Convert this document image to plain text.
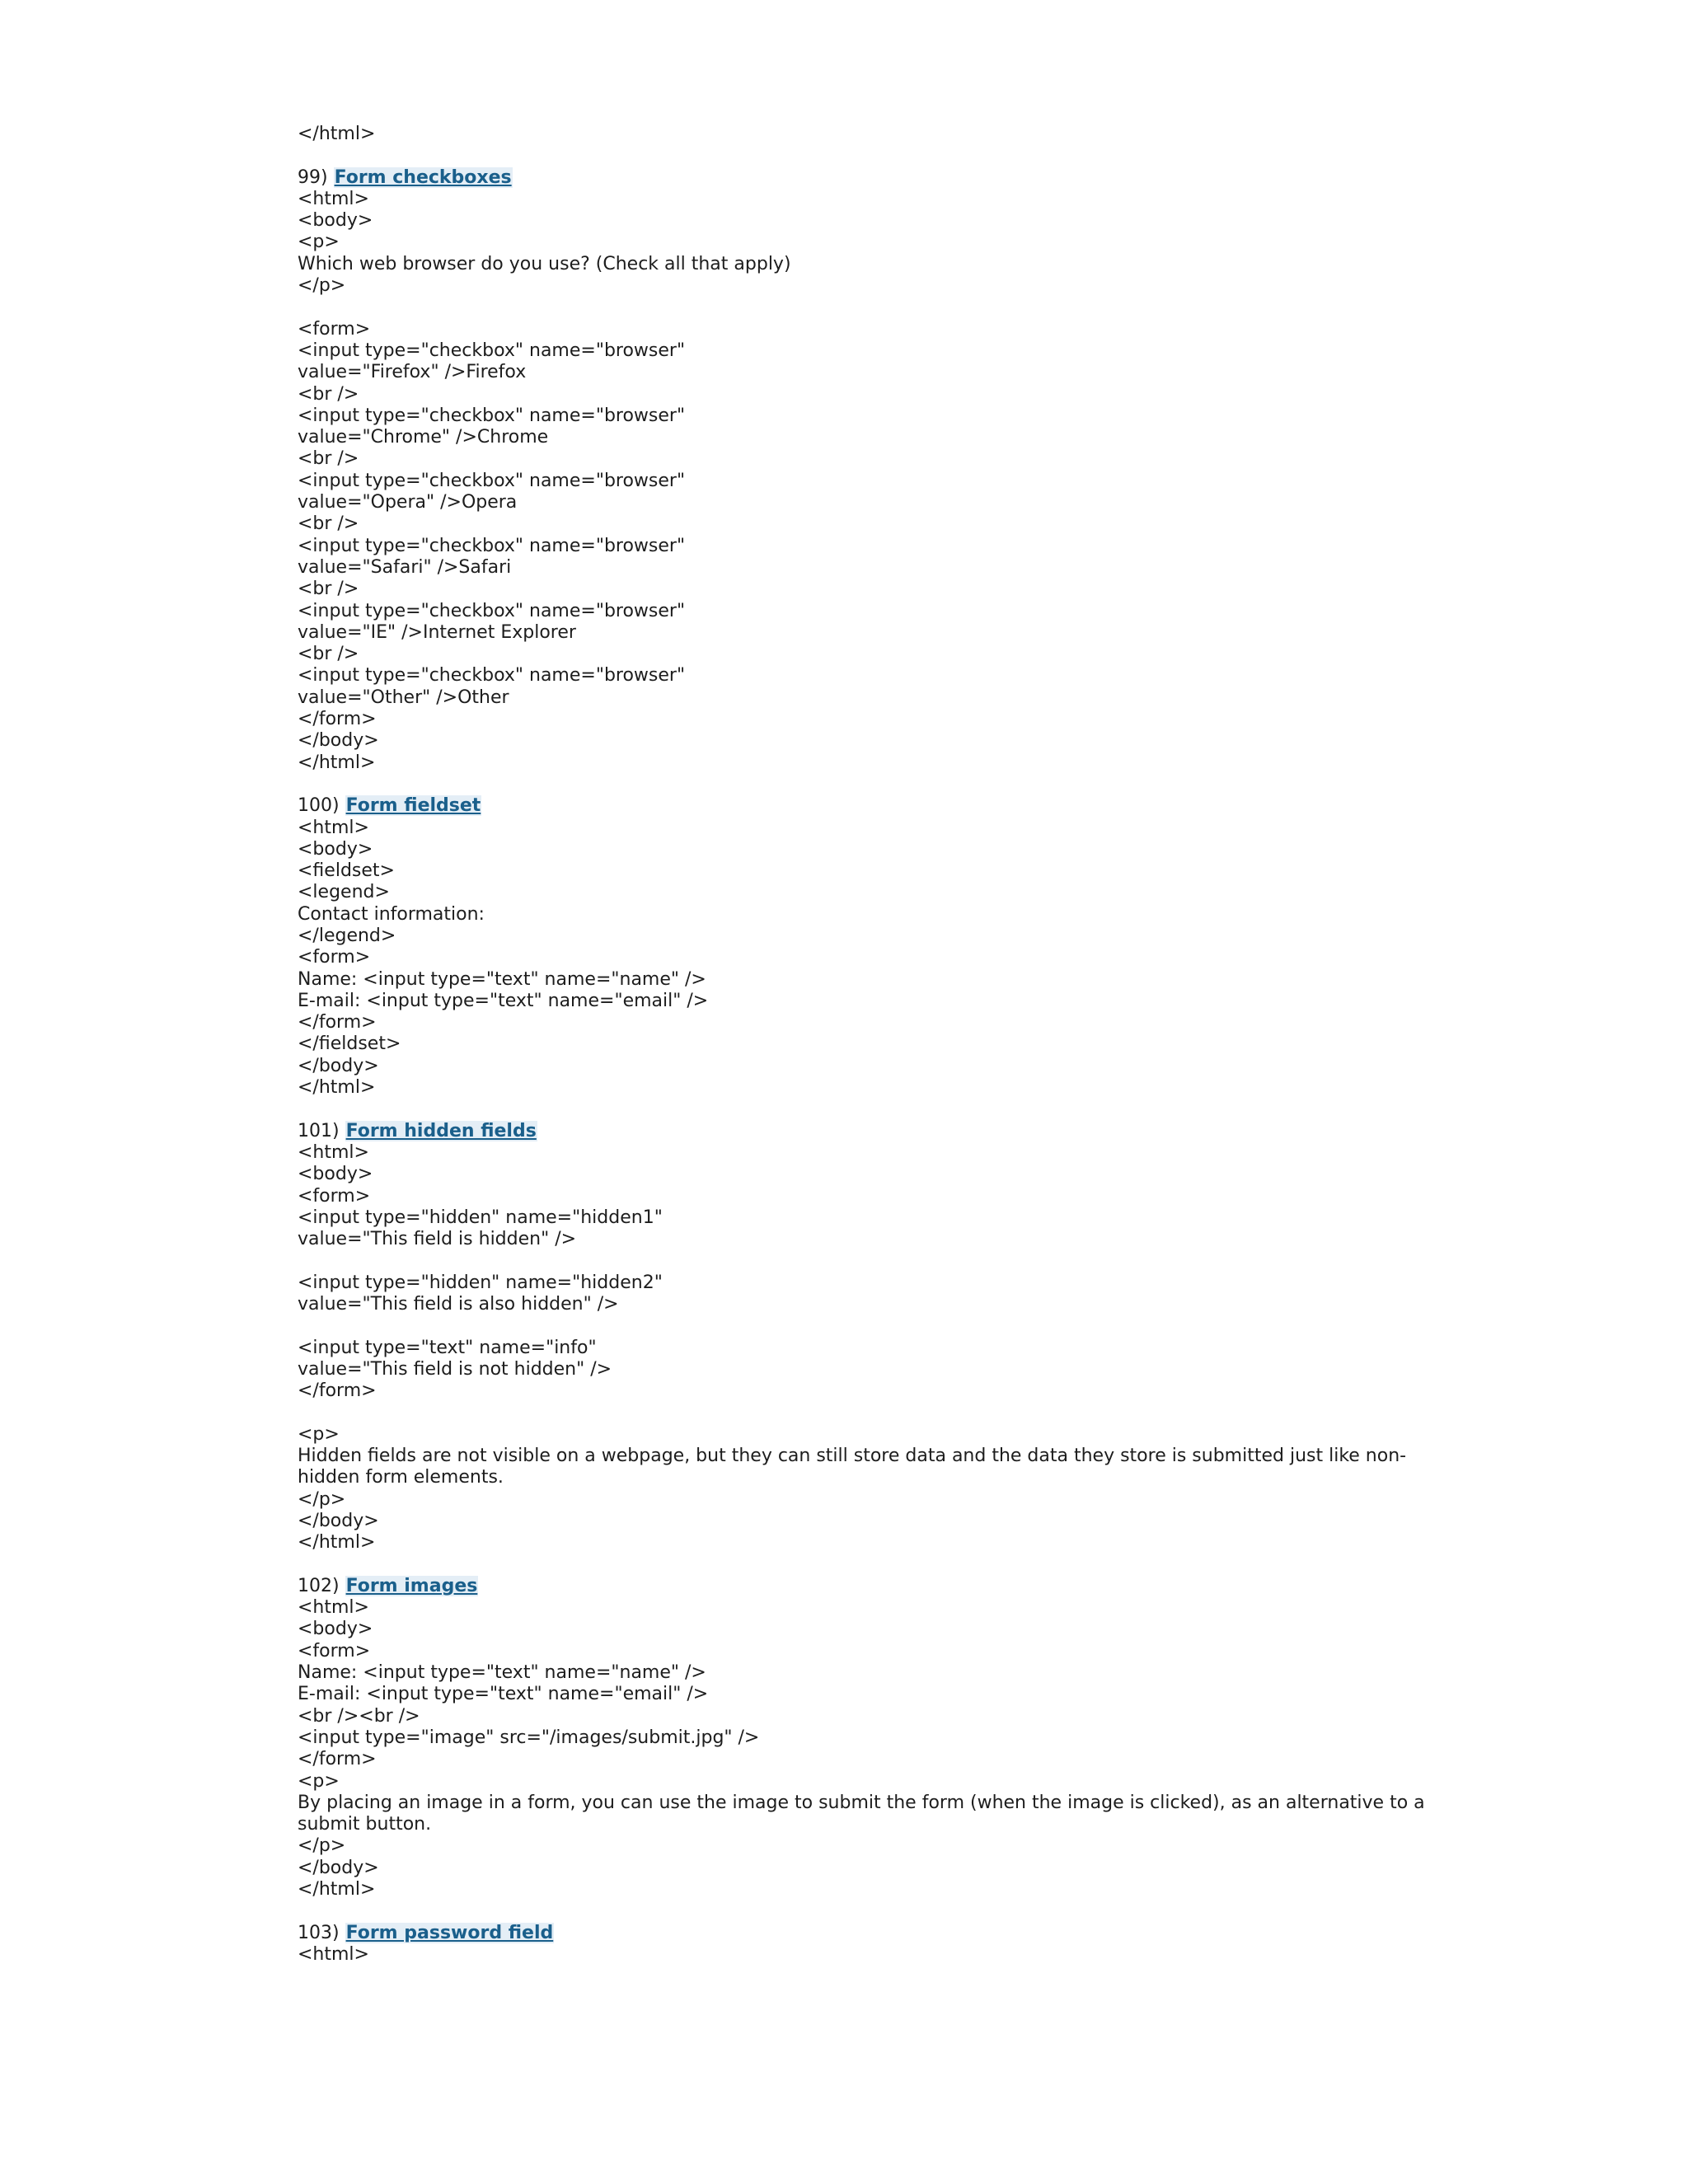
</html>
99) Form checkboxes
<html>
<body>
<p>
Which web browser do you use? (Check all that apply)
</p>
<form>
<input type="checkbox" name="browser"
value="Firefox" />Firefox
<br />
<input type="checkbox" name="browser"
value="Chrome" />Chrome
<br />
<input type="checkbox" name="browser"
value="Opera" />Opera
<br />
<input type="checkbox" name="browser"
value="Safari" />Safari
<br />
<input type="checkbox" name="browser"
value="IE" />Internet Explorer
<br />
<input type="checkbox" name="browser"
value="Other" />Other
</form>
</body>
</html>
100) Form fieldset
<html>
<body>
<fieldset>
<legend>
Contact information:
</legend>
<form>
Name: <input type="text" name="name" />
E-mail: <input type="text" name="email" />
</form>
</fieldset>
</body>
</html>
101) Form hidden fields
<html>
<body>
<form>
<input type="hidden" name="hidden1"
value="This field is hidden" />
<input type="hidden" name="hidden2"
value="This field is also hidden" />
<input type="text" name="info"
value="This field is not hidden" />
</form>
<p>
Hidden fields are not visible on a webpage, but they can still store data and the data they store is submitted just like non-hidden form elements.
</p>
</body>
</html>
102) Form images
<html>
<body>
<form>
Name: <input type="text" name="name" />
E-mail: <input type="text" name="email" />
<br /><br />
<input type="image" src="/images/submit.jpg" />
</form>
<p>
By placing an image in a form, you can use the image to submit the form (when the image is clicked), as an alternative to a submit button.
</p>
</body>
</html>
103) Form password field
<html>
